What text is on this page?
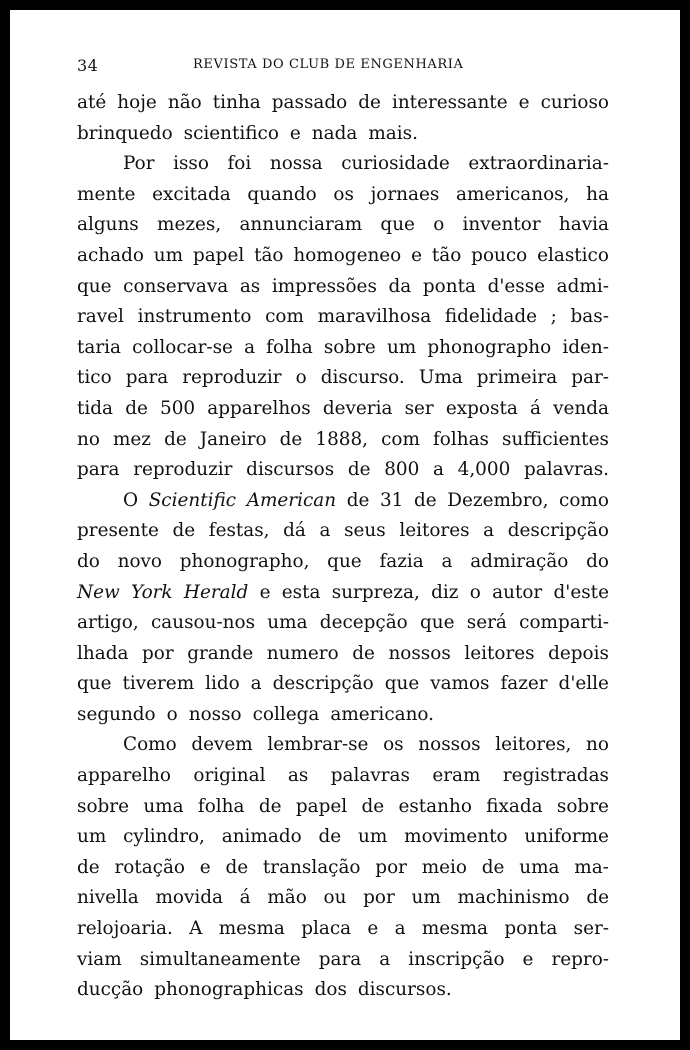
34	REVISTA DO CLUB DE ENGENHARIA
até hoje não tinha passado de interessante e curioso
brinquedo scientifico e nada mais.
Por isso foi nossa curiosidade extraordinaria-
mente excitada quando os jornaes americanos, ha
alguns mezes, annunciaram que o inventor havia
achado um papel tão homogeneo e tão pouco elastico
que conservava as impressões da ponta d'esse admi-
ravel instrumento com maravilhosa fidelidade ; bas-
taria collocar-se a folha sobre um phonographo iden-
tico para reproduzir o discurso. Uma primeira par-
tida de 500 apparelhos deveria ser exposta á venda
no mez de Janeiro de 1888, com folhas sufficientes
para reproduzir discursos de 800 a 4,000 palavras.
O Scientific American de 31 de Dezembro, como
presente de festas, dá a seus leitores a descripção
do novo phonographo, que fazia a admiração do
New York Herald e esta surpreza, diz o autor d'este
artigo, causou-nos uma decepção que será comparti-
lhada por grande numero de nossos leitores depois
que tiverem lido a descripção que vamos fazer d'elle
segundo o nosso collega americano.
Como devem lembrar-se os nossos leitores, no
apparelho original as palavras eram registradas
sobre uma folha de papel de estanho fixada sobre
um cylindro, animado de um movimento uniforme
de rotação e de translação por meio de uma ma-
nivella movida á mão ou por um machinismo de
relojoaria. A mesma placa e a mesma ponta ser-
viam simultaneamente para a inscripção e repro-
ducção phonographicas dos discursos.
